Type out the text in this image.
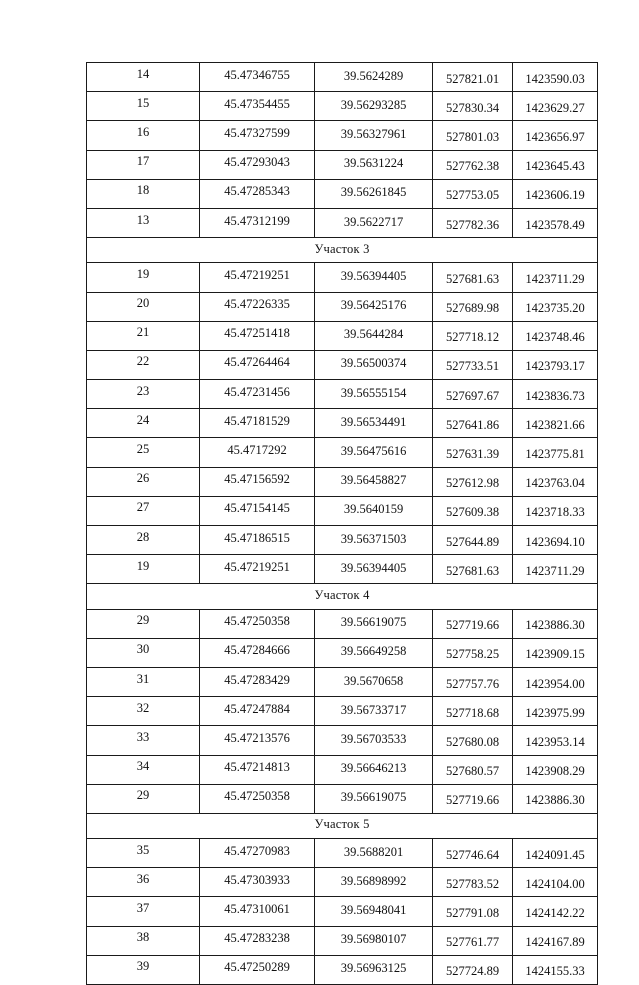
14	45.47346755	39.5624289	527821.01	1423590.03
15	45.47354455	39.56293285	527830.34	1423629.27
16	45.47327599	39.56327961	527801.03	1423656.97
17	45.47293043	39.5631224	527762.38	1423645.43
18	45.47285343	39.56261845	527753.05	1423606.19
13	45.47312199	39.5622717	527782.36	1423578.49
Участок 3				
19	45.47219251	39.56394405	527681.63	1423711.29
20	45.47226335	39.56425176	527689.98	1423735.20
21	45.47251418	39.5644284	527718.12	1423748.46
22	45.47264464	39.56500374	527733.51	1423793.17
23	45.47231456	39.56555154	527697.67	1423836.73
24	45.47181529	39.56534491	527641.86	1423821.66
25	45.4717292	39.56475616	527631.39	1423775.81
26	45.47156592	39.56458827	527612.98	1423763.04
27	45.47154145	39.5640159	527609.38	1423718.33
28	45.47186515	39.56371503	527644.89	1423694.10
19	45.47219251	39.56394405	527681.63	1423711.29
Участок 4				
29	45.47250358	39.56619075	527719.66	1423886.30
30	45.47284666	39.56649258	527758.25	1423909.15
31	45.47283429	39.5670658	527757.76	1423954.00
32	45.47247884	39.56733717	527718.68	1423975.99
33	45.47213576	39.56703533	527680.08	1423953.14
34	45.47214813	39.56646213	527680.57	1423908.29
29	45.47250358	39.56619075	527719.66	1423886.30
Участок 5				
35	45.47270983	39.5688201	527746.64	1424091.45
36	45.47303933	39.56898992	527783.52	1424104.00
37	45.47310061	39.56948041	527791.08	1424142.22
38	45.47283238	39.56980107	527761.77	1424167.89
39	45.47250289	39.56963125	527724.89	1424155.33
